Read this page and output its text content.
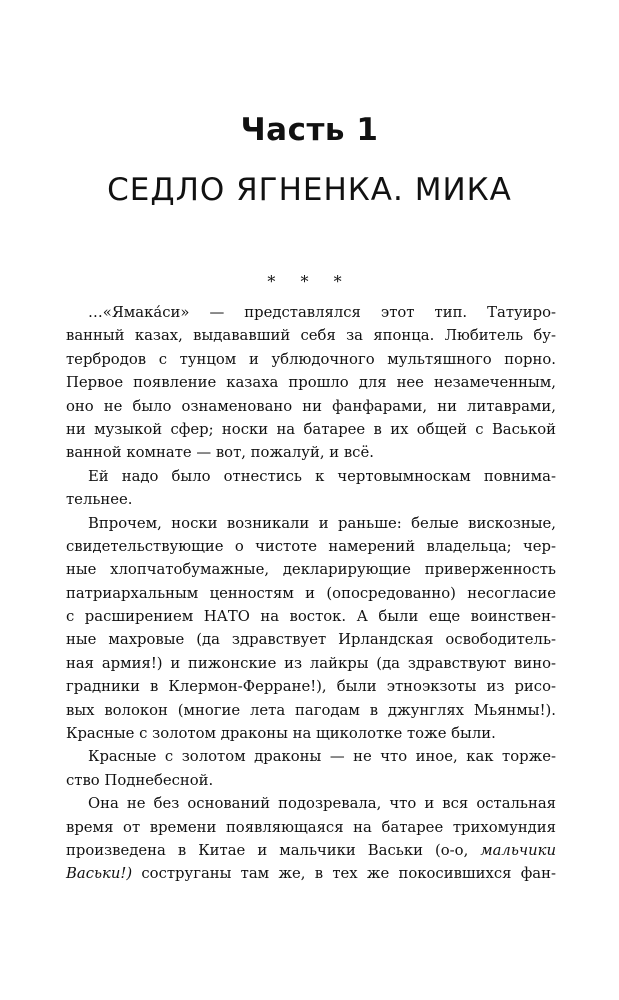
Часть 1
СЕДЛО ЯГНЕНКА. МИКА
* * *
…«Ямака́си» — представлялся этот тип. Татуиро-
ванный казах, выдававший себя за японца. Любитель бу-
тербродов с тунцом и ублюдочного мультяшного порно.
Первое появление казаха прошло для нее незамеченным,
оно не было ознаменовано ни фанфарами, ни литаврами,
ни музыкой сфер; носки на батарее в их общей с Васькой
ванной комнате — вот, пожалуй, и всё.
Ей надо было отнестись к чертовымноскам повнима-
тельнее.
Впрочем, носки возникали и раньше: белые вискозные,
свидетельствующие о чистоте намерений владельца; чер-
ные хлопчатобумажные, декларирующие приверженность
патриархальным ценностям и (опосредованно) несогласие
с расширением НАТО на восток. А были еще воинствен-
ные махровые (да здравствует Ирландская освободитель-
ная армия!) и пижонские из лайкры (да здравствуют вино-
градники в Клермон-Ферране!), были этноэкзоты из рисо-
вых волокон (многие лета пагодам в джунглях Мьянмы!).
Красные с золотом драконы на щиколотке тоже были.
Красные с золотом драконы — не что иное, как торже-
ство Поднебесной.
Она не без оснований подозревала, что и вся остальная
время от времени появляющаяся на батарее трихомундия
произведена в Китае и мальчики Васьки (о-о, мальчики
Васьки!) соструганы там же, в тех же покосившихся фан-
